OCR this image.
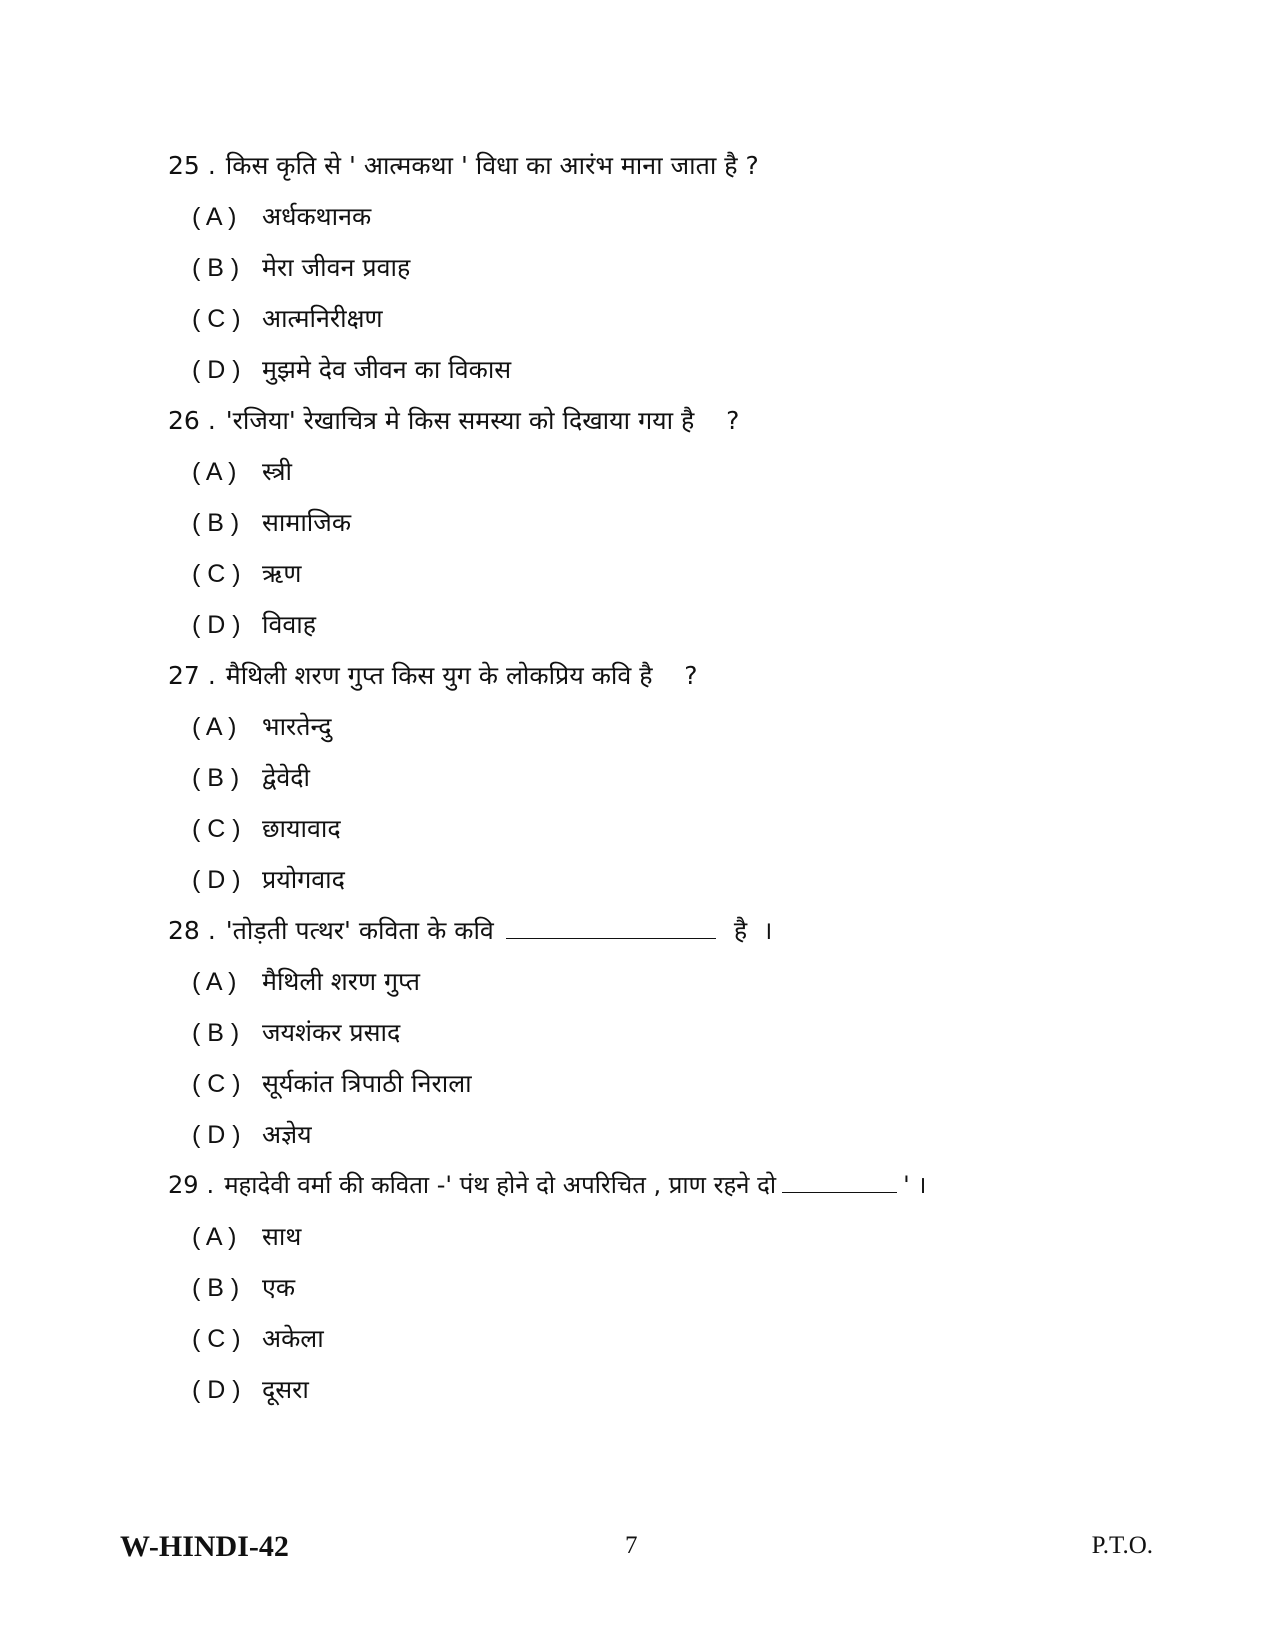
25 . किस कृति से ' आत्मकथा ' विधा का आरंभ माना जाता है ?
( A ) अर्धकथानक
( B ) मेरा जीवन प्रवाह
( C ) आत्मनिरीक्षण
( D ) मुझमे देव जीवन का विकास
26 . 'रजिया' रेखाचित्र मे किस समस्या को दिखाया गया है    ?
( A ) स्त्री
( B ) सामाजिक
( C ) ऋण
( D ) विवाह
27 . मैथिली शरण गुप्त किस युग के लोकप्रिय कवि है    ?
( A ) भारतेन्दु
( B ) द्वेवेदी
( C ) छायावाद
( D ) प्रयोगवाद
28 . 'तोड़ती पत्थर' कविता के कवि	है  ।
( A ) मैथिली शरण गुप्त
( B ) जयशंकर प्रसाद
( C ) सूर्यकांत त्रिपाठी निराला
( D ) अज्ञेय
29 . महादेवी वर्मा की कविता -' पंथ होने दो अपरिचित , प्राण रहने दो	' ।
( A ) साथ
( B ) एक
( C ) अकेला
( D ) दूसरा
W-HINDI-42	7	P.T.O.
